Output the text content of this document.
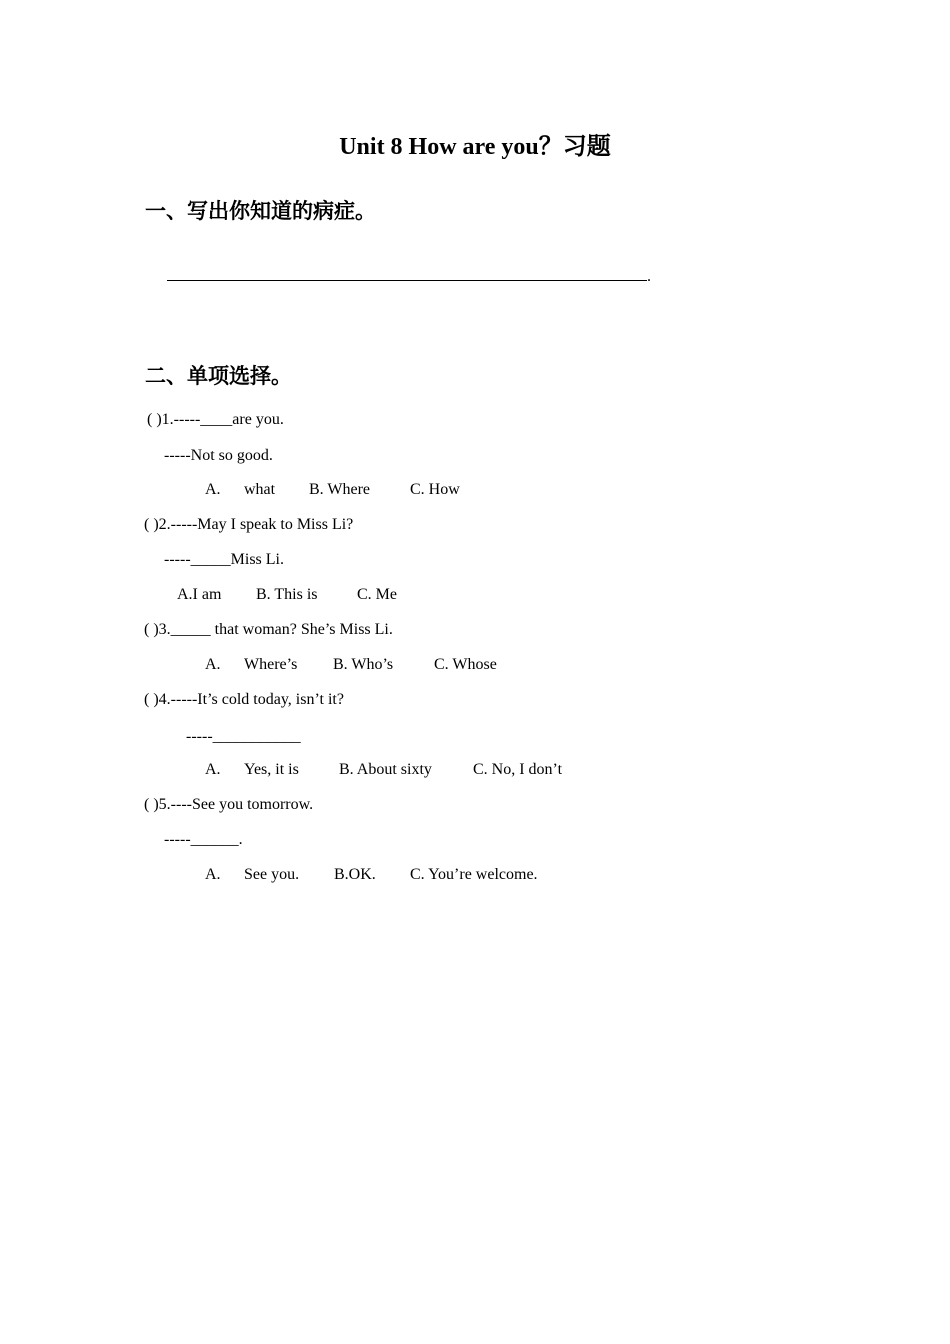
Unit 8 How are you？习题
一、写出你知道的病症。
.
二、单项选择。
( )1.-----____are you.
-----Not so good.
A. what B. Where C. How
( )2.-----May I speak to Miss Li?
-----_____Miss Li.
A.I am B. This is C. Me
( )3._____ that woman? She’s Miss Li.
A. Where’s B. Who’s	C. Whose
( )4.-----It’s cold today, isn’t it?
-----___________
A. Yes, it is	B. About sixty	C. No, I don’t
( )5.----See you tomorrow.
-----______.
A. See you. B.OK. C. You’re welcome.
